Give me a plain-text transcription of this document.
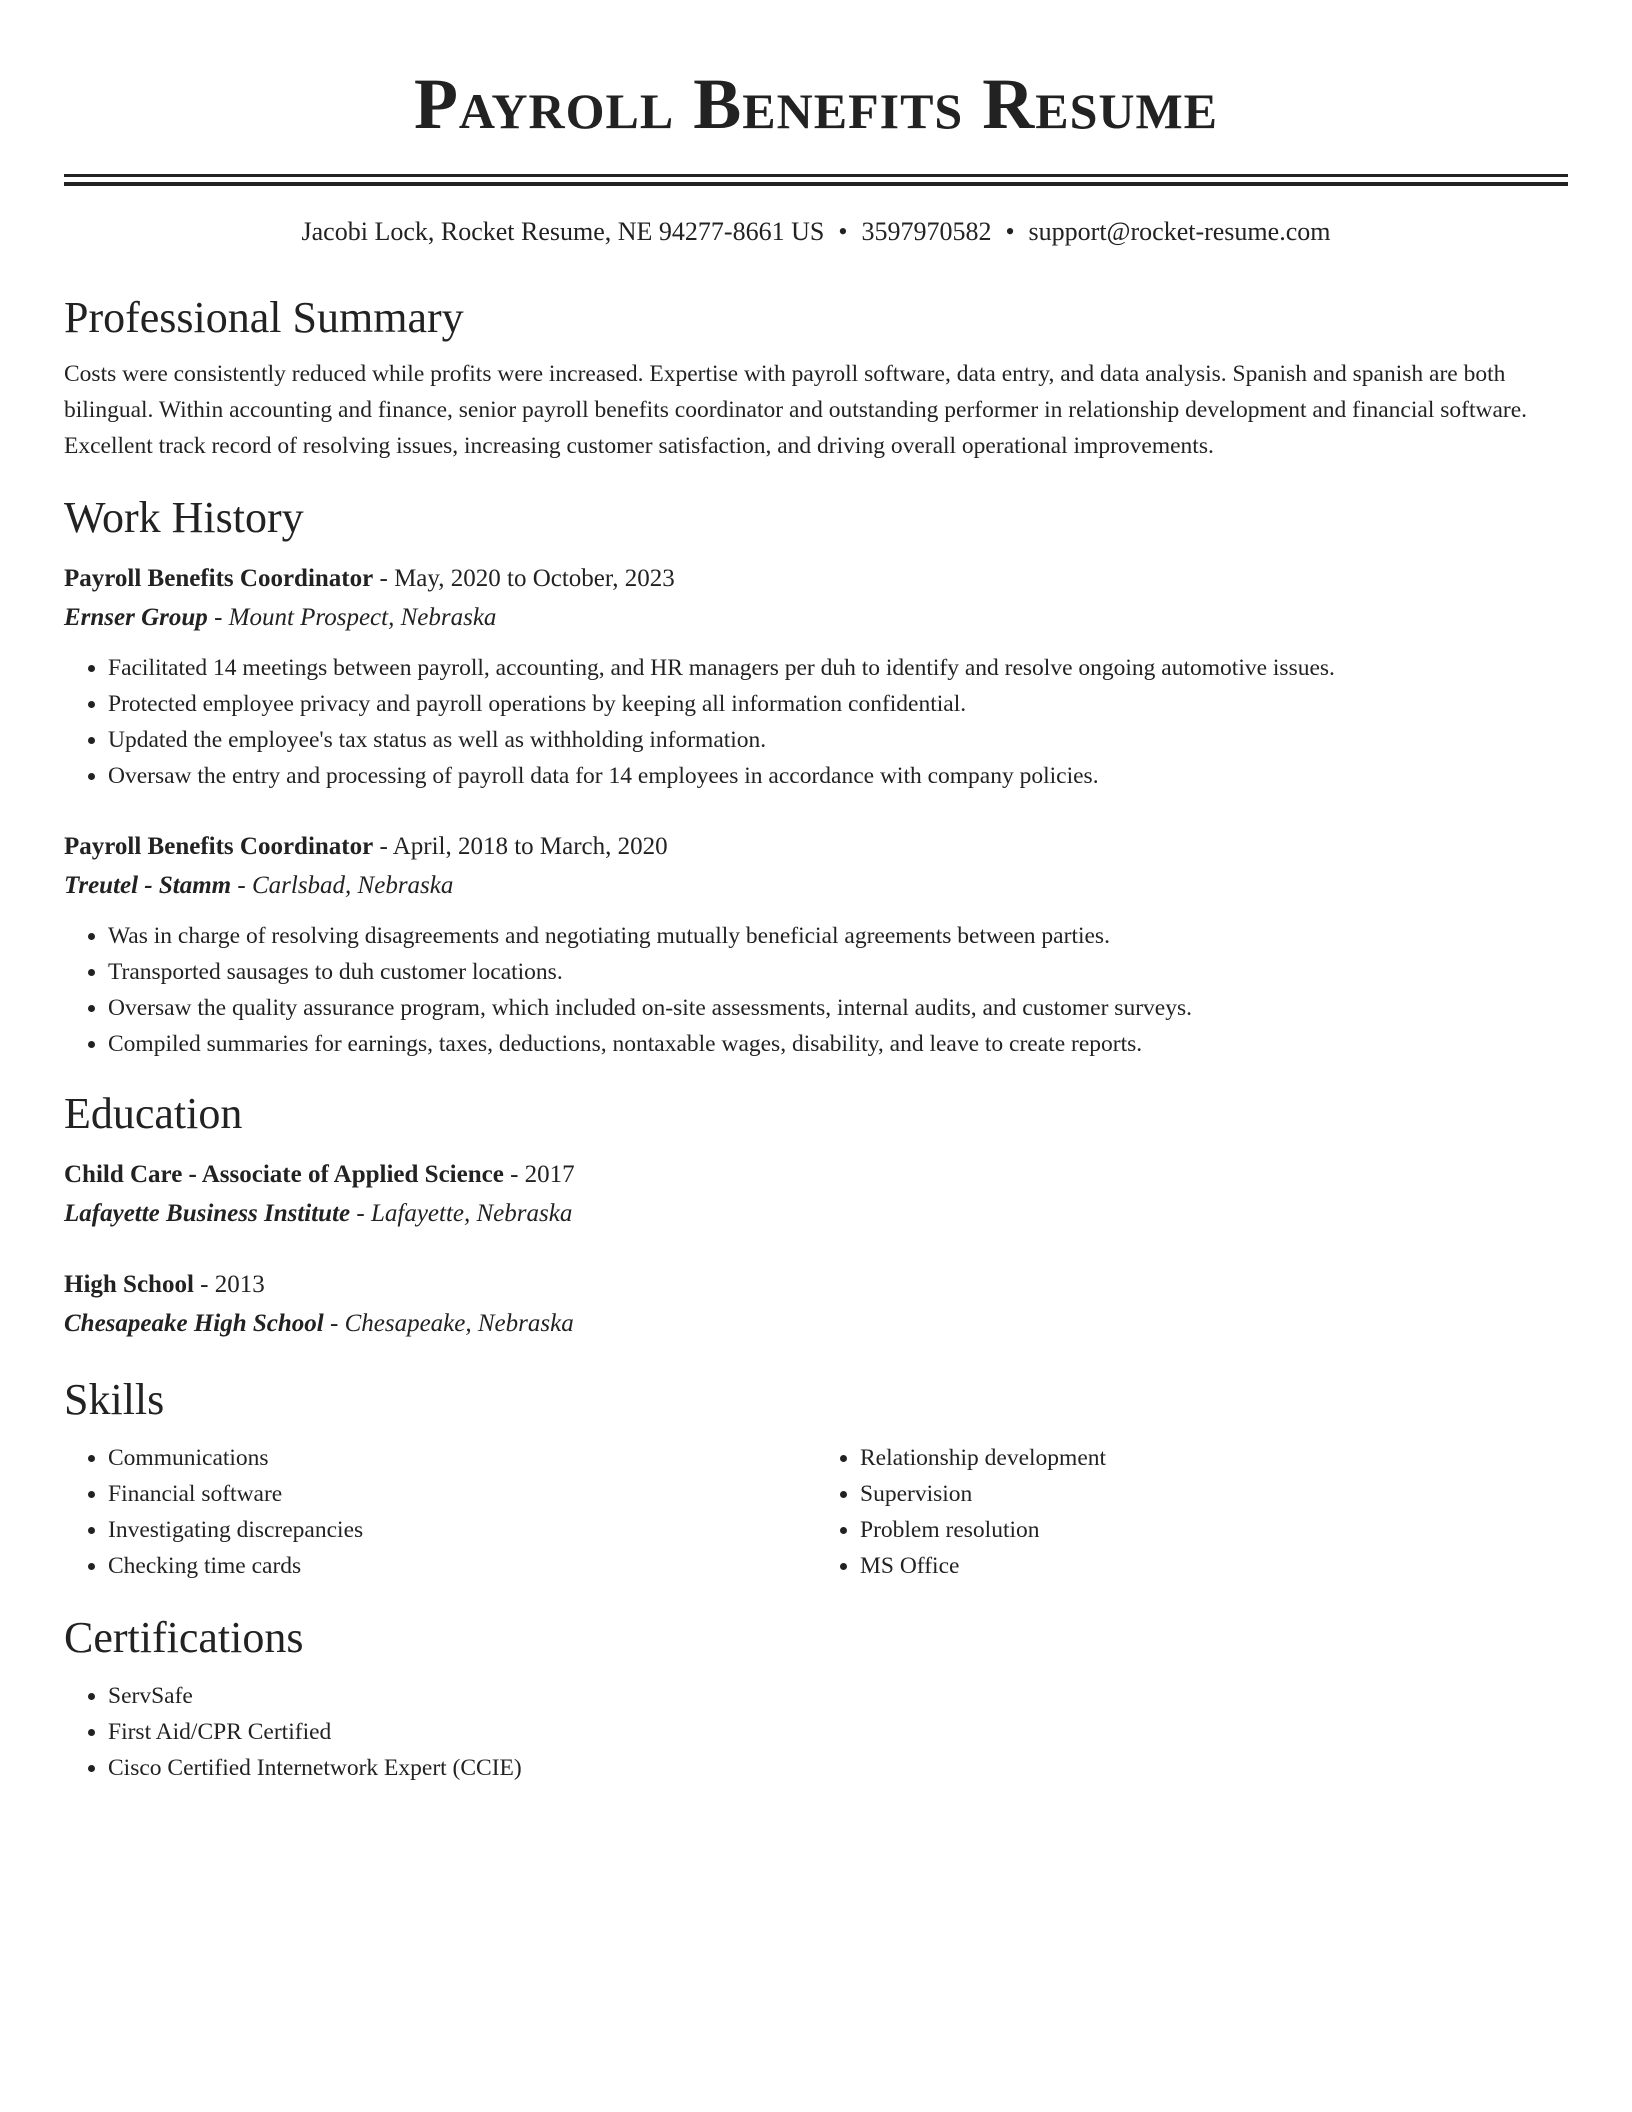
Payroll Benefits Resume
Jacobi Lock, Rocket Resume, NE 94277-8661 US • 3597970582 • support@rocket-resume.com
Professional Summary

Costs were consistently reduced while profits were increased. Expertise with payroll software, data entry, and data analysis. Spanish and spanish are both bilingual. Within accounting and finance, senior payroll benefits coordinator and outstanding performer in relationship development and financial software. Excellent track record of resolving issues, increasing customer satisfaction, and driving overall operational improvements.

Work History
Payroll Benefits Coordinator - May, 2020 to October, 2023
Ernser Group - Mount Prospect, Nebraska
• Facilitated 14 meetings between payroll, accounting, and HR managers per duh to identify and resolve ongoing automotive issues.
• Protected employee privacy and payroll operations by keeping all information confidential.
• Updated the employee's tax status as well as withholding information.
• Oversaw the entry and processing of payroll data for 14 employees in accordance with company policies.
Payroll Benefits Coordinator - April, 2018 to March, 2020
Treutel - Stamm - Carlsbad, Nebraska
• Was in charge of resolving disagreements and negotiating mutually beneficial agreements between parties.
• Transported sausages to duh customer locations.
• Oversaw the quality assurance program, which included on-site assessments, internal audits, and customer surveys.
• Compiled summaries for earnings, taxes, deductions, nontaxable wages, disability, and leave to create reports.
Education
Child Care - Associate of Applied Science - 2017
Lafayette Business Institute - Lafayette, Nebraska
High School - 2013
Chesapeake High School - Chesapeake, Nebraska
Skills
• Communications
• Financial software
• Investigating discrepancies
• Checking time cards
• Relationship development
• Supervision
• Problem resolution
• MS Office
Certifications
• ServSafe
• First Aid/CPR Certified
• Cisco Certified Internetwork Expert (CCIE)
